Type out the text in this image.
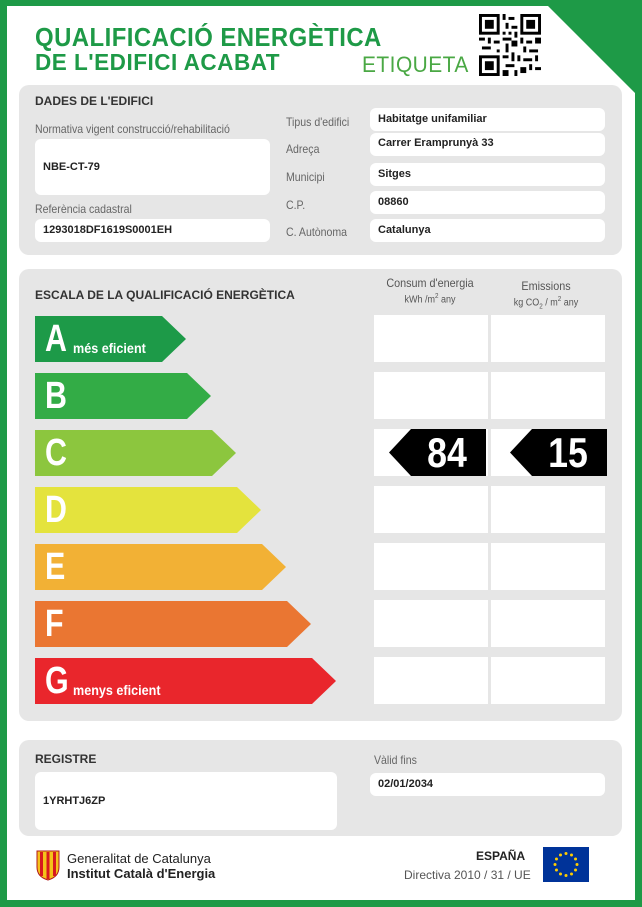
QUALIFICACIÓ ENERGÈTICA
DE L'EDIFICI ACABAT	ETIQUETA
DADES DE L'EDIFICI
Normativa vigent construcció/rehabilitació
NBE-CT-79
Referència cadastral
1293018DF1619S0001EH
Tipus d'edifici	Habitatge unifamiliar
Adreça	Carrer Eramprunyà 33
Municipi	Sitges
C.P.	08860
C. Autònoma	Catalunya
ESCALA DE LA QUALIFICACIÓ ENERGÈTICA
Consum d'energia
kWh $/m^2$ any
Emissions
kg $CO_2 / m^2$ any
A més eficient
B
C	84 15
D
E
F
G menys eficient
REGISTRE
1YRHTJ6ZP
Vàlid fins
02/01/2034
Generalitat de Catalunya
Institut Català d'Energia
ESPAÑA
Directiva 2010 / 31 / UE
